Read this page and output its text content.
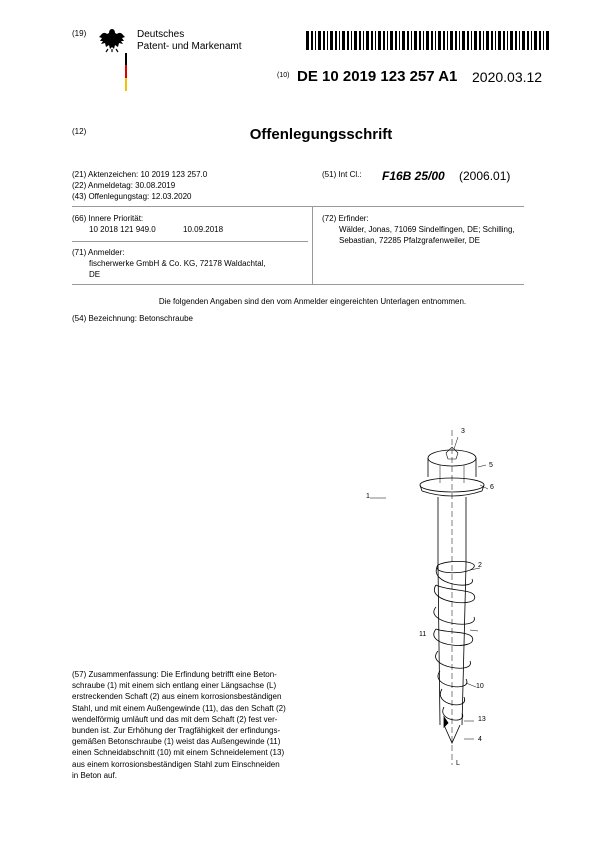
(19)	Deutsches
Patent- und Markenamt
(10) DE 10 2019 123 257 A1 2020.03.12
(12)	Offenlegungsschrift
(21) Aktenzeichen: 10 2019 123 257.0
(22) Anmeldetag: 30.08.2019
(43) Offenlegungstag: 12.03.2020
(51) Int Cl.: F16B 25/00 (2006.01)
(66) Innere Priorität:
10 2018 121 949.0	10.09.2018
(71) Anmelder:
fischerwerke GmbH & Co. KG, 72178 Waldachtal,
DE
(72) Erfinder:
Wälder, Jonas, 71069 Sindelfingen, DE; Schilling,
Sebastian, 72285 Pfalzgrafenweiler, DE
Die folgenden Angaben sind den vom Anmelder eingereichten Unterlagen entnommen.
(54) Bezeichnung: Betonschraube
(57) Zusammenfassung: Die Erfindung betrifft eine Beton-
schraube (1) mit einem sich entlang einer Längsachse (L)
erstreckenden Schaft (2) aus einem korrosionsbeständigen
Stahl, und mit einem Außengewinde (11), das den Schaft (2)
wendelförmig umläuft und das mit dem Schaft (2) fest ver-
bunden ist. Zur Erhöhung der Tragfähigkeit der erfindungs-
gemäßen Betonschraube (1) weist das Außengewinde (11)
einen Schneidabschnitt (10) mit einem Schneidelement (13)
aus einem korrosionsbeständigen Stahl zum Einschneiden
in Beton auf.
3
5
6
1
2
11
10
13
4
L
